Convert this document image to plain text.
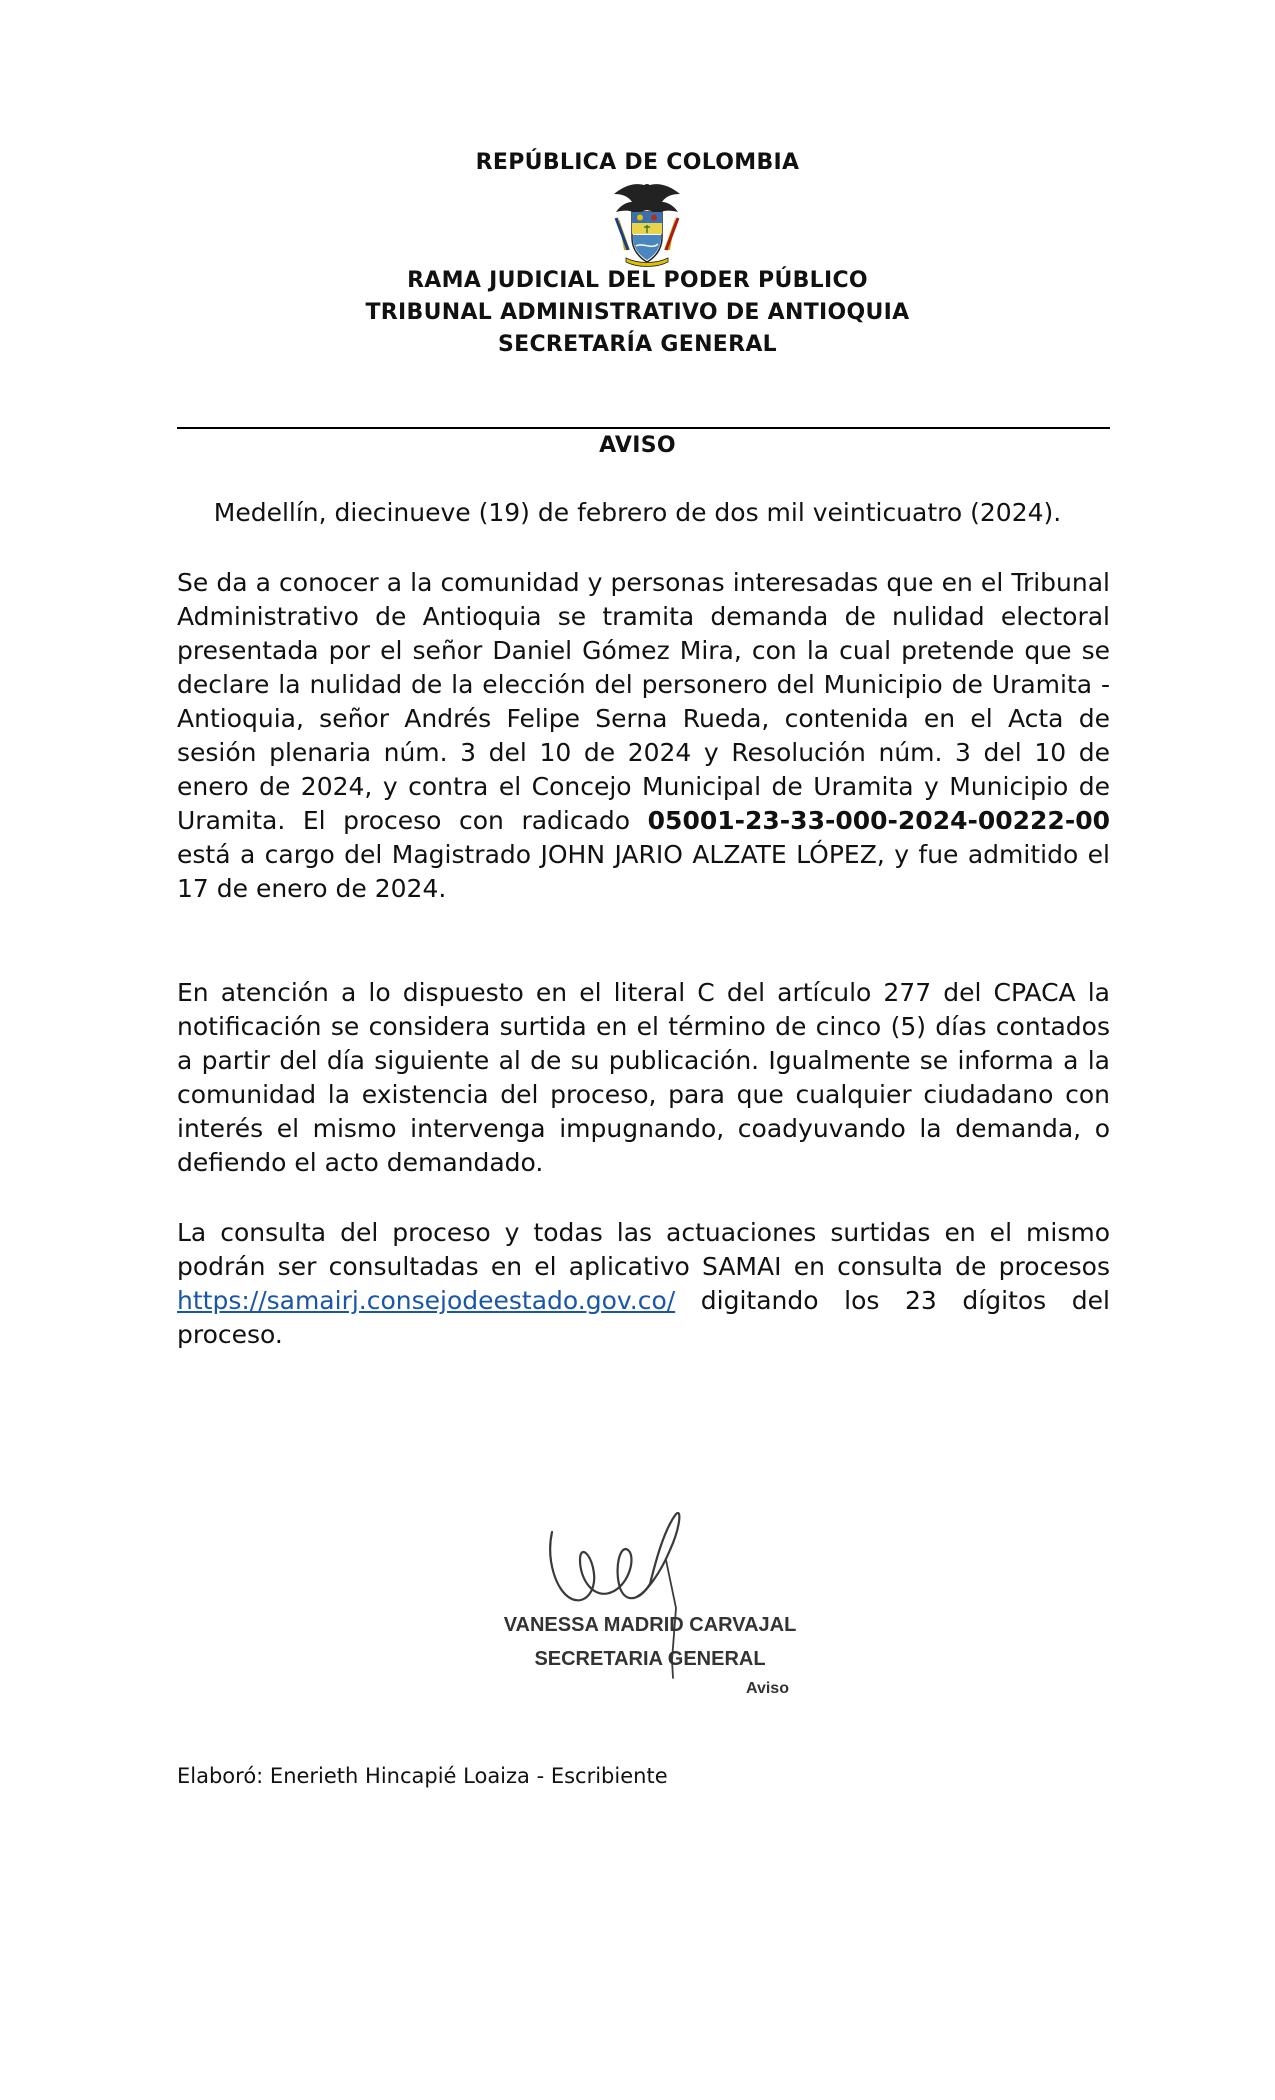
REPÚBLICA DE COLOMBIA
RAMA JUDICIAL DEL PODER PÚBLICO
TRIBUNAL ADMINISTRATIVO DE ANTIOQUIA
SECRETARÍA GENERAL
AVISO
Medellín, diecinueve (19) de febrero de dos mil veinticuatro (2024).
Se da a conocer a la comunidad y personas interesadas que en el Tribunal Administrativo de Antioquia se tramita demanda de nulidad electoral presentada por el señor Daniel Gómez Mira, con la cual pretende que se declare la nulidad de la elección del personero del Municipio de Uramita - Antioquia, señor Andrés Felipe Serna Rueda, contenida en el Acta de sesión plenaria núm. 3 del 10 de 2024 y Resolución núm. 3 del 10 de enero de 2024, y contra el Concejo Municipal de Uramita y Municipio de Uramita. El proceso con radicado 05001-23-33-000-2024-00222-00 está a cargo del Magistrado JOHN JARIO ALZATE LÓPEZ, y fue admitido el 17 de enero de 2024.
En atención a lo dispuesto en el literal C del artículo 277 del CPACA la notificación se considera surtida en el término de cinco (5) días contados a partir del día siguiente al de su publicación. Igualmente se informa a la comunidad la existencia del proceso, para que cualquier ciudadano con interés el mismo intervenga impugnando, coadyuvando la demanda, o defiendo el acto demandado.
La consulta del proceso y todas las actuaciones surtidas en el mismo podrán ser consultadas en el aplicativo SAMAI en consulta de procesos https://samairj.consejodeestado.gov.co/ digitando los 23 dígitos del proceso.
VANESSA MADRID CARVAJAL
SECRETARIA GENERAL
Aviso
Elaboró: Enerieth Hincapié Loaiza - Escribiente
